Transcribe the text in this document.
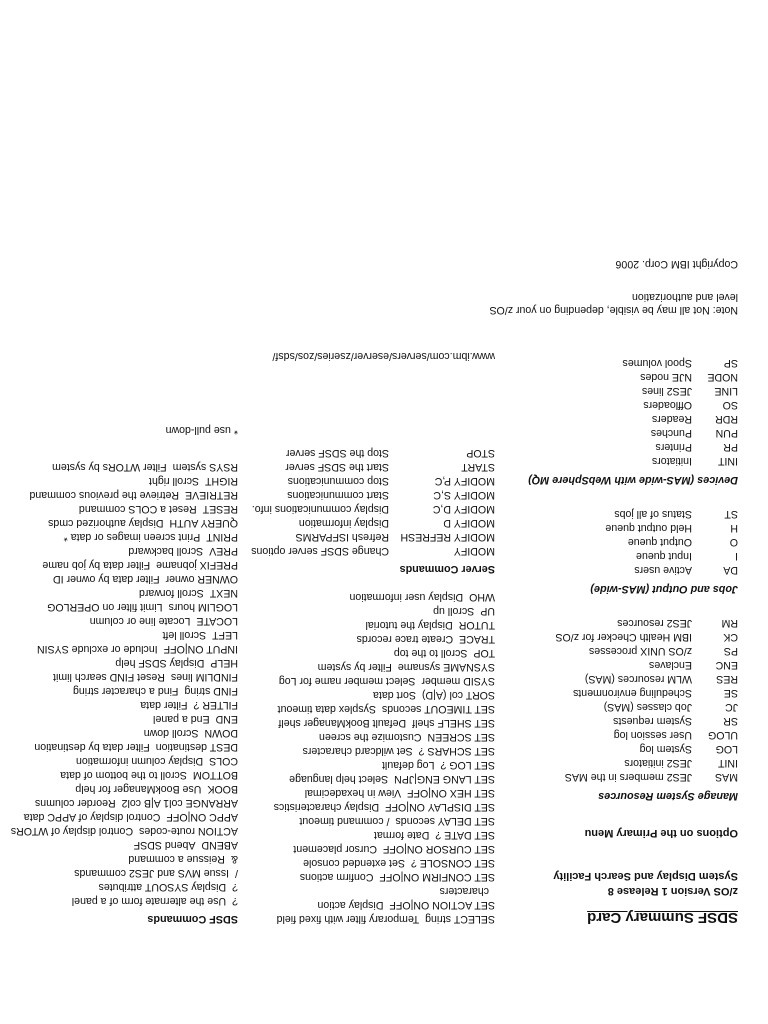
SDSF Summary Card
z/OS Version 1 Release 8
System Display and Search Facility
Options on the Primary Menu
Manage System Resources
MAS
JES2 members in the MAS
INIT
JES2 initiators
LOG
System log
ULOG
User session log
SR
System requests
JC
Job classes (MAS)
SE
Scheduling environments
RES
WLM resources (MAS)
ENC
Enclaves
PS
z/OS UNIX processes
CK
IBM Health Checker for z/OS
RM
JES2 resources
Jobs and Output (MAS-wide)
DA
Active users
I
Input queue
O
Output queue
H
Held output queue
ST
Status of all jobs
Devices (MAS-wide with WebSphere MQ)
INIT
Initiators
PR
Printers
PUN
Punches
RDR
Readers
SO
Offloaders
LINE
JES2 lines
NODE
NJE nodes
SP
Spool volumes
Note: Not all may be visible, depending on your z/OS
level and authorization
Copyright IBM Corp. 2006
SELECT string
Temporary filter with fixed field
SET ACTION ON|OFF
Display action
characters
SET CONFIRM ON|OFF
Confirm actions
SET CONSOLE ?
Set extended console
SET CURSOR ON|OFF
Cursor placement
SET DATE ?
Date format
SET DELAY seconds
/ command timeout
SET DISPLAY ON|OFF
Display characteristics
SET HEX ON|OFF
View in hexadecimal
SET LANG ENG|JPN
Select help language
SET LOG ?
Log default
SET SCHARS ?
Set wildcard characters
SET SCREEN
Customize the screen
SET SHELF shelf
Default BookManager shelf
SET TIMEOUT seconds
Sysplex data timeout
SORT col (A|D)
Sort data
SYSID member
Select member name for Log
SYSNAME sysname
Filter by system
TOP
Scroll to the top
TRACE
Create trace records
TUTOR
Display the tutorial
UP
Scroll up
WHO
Display user information
Server Commands
MODIFY
Change SDSF server options
MODIFY REFRESH
Refresh ISFPARMS
MODIFY D
Display information
MODIFY D,C
Display communications info.
MODIFY S,C
Start communications
MODIFY P,C
Stop communications
START
Start the SDSF server
STOP
Stop the SDSF server
www.ibm.com/servers/eserver/zseries/zos/sdsf/
SDSF Commands
?
Use the alternate form of a panel
?
Display SYSOUT attributes
/
Issue MVS and JES2 commands
&
Reissue a command
ABEND
Abend SDSF
ACTION route-codes
Control display of WTORs
APPC ON|OFF
Control display of APPC data
ARRANGE col1 A|B col2
Reorder columns
BOOK
Use BookManager for help
BOTTOM
Scroll to the bottom of data
COLS
Display column information
DEST destination
Filter data by destination
DOWN
Scroll down
END
End a panel
FILTER ?
Filter data
FIND string
Find a character string
FINDLIM lines
Reset FIND search limit
HELP
Display SDSF help
INPUT ON|OFF
Include or exclude SYSIN
LEFT
Scroll left
LOCATE
Locate line or column
LOGLIM hours
Limit filter on OPERLOG
NEXT
Scroll forward
OWNER owner
Filter data by owner ID
PREFIX jobname
Filter data by job name
PREV
Scroll backward
PRINT
Print screen images or data *
QUERY AUTH
Display authorized cmds
RESET
Reset a COLS command
RETRIEVE
Retrieve the previous command
RIGHT
Scroll right
RSYS system
Filter WTORs by system
* use pull-down
